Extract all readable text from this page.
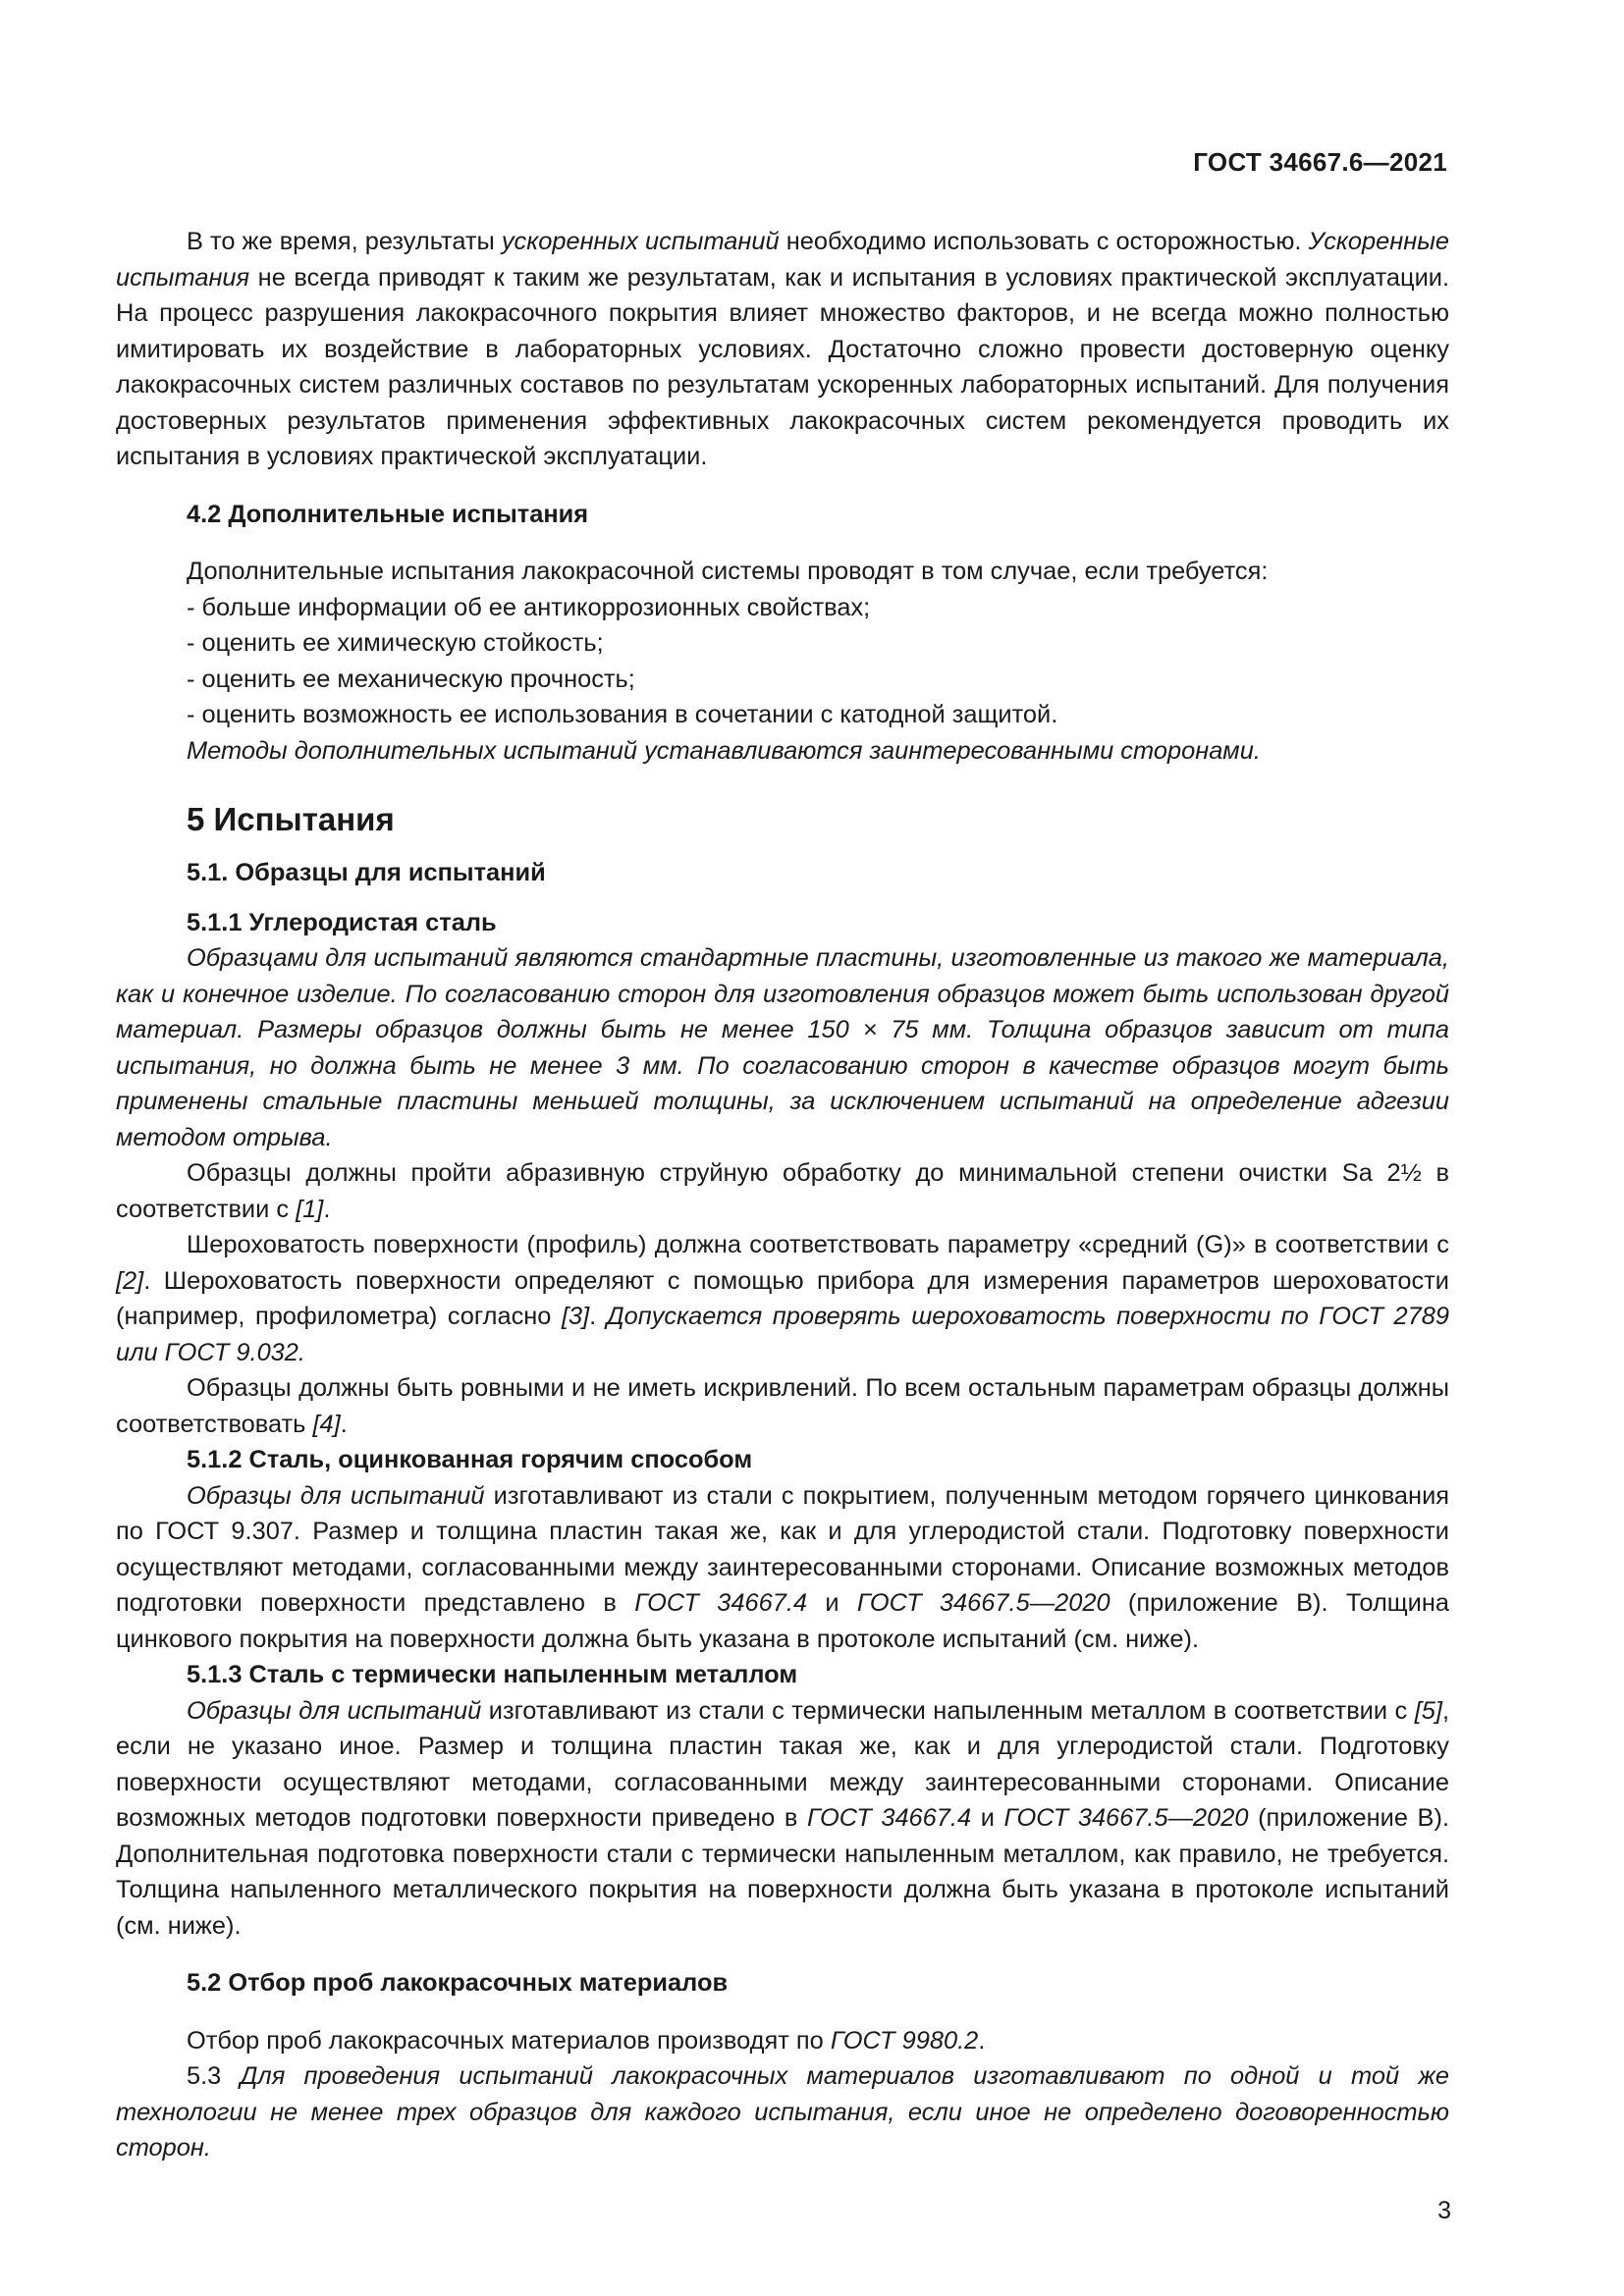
ГОСТ 34667.6—2021

В то же время, результаты ускоренных испытаний необходимо использовать с осторожностью. Ускоренные испытания не всегда приводят к таким же результатам, как и испытания в условиях практической эксплуатации. На процесс разрушения лакокрасочного покрытия влияет множество факторов, и не всегда можно полностью имитировать их воздействие в лабораторных условиях. Достаточно сложно провести достоверную оценку лакокрасочных систем различных составов по результатам ускоренных лабораторных испытаний. Для получения достоверных результатов применения эффективных лакокрасочных систем рекомендуется проводить их испытания в условиях практической эксплуатации.

4.2 Дополнительные испытания

Дополнительные испытания лакокрасочной системы проводят в том случае, если требуется:

- больше информации об ее антикоррозионных свойствах;

- оценить ее химическую стойкость;

- оценить ее механическую прочность;

- оценить возможность ее использования в сочетании с катодной защитой.

Методы дополнительных испытаний устанавливаются заинтересованными сторонами.

5 Испытания

5.1. Образцы для испытаний

5.1.1 Углеродистая сталь

Образцами для испытаний являются стандартные пластины, изготовленные из такого же материала, как и конечное изделие. По согласованию сторон для изготовления образцов может быть использован другой материал. Размеры образцов должны быть не менее 150 × 75 мм. Толщина образцов зависит от типа испытания, но должна быть не менее 3 мм. По согласованию сторон в качестве образцов могут быть применены стальные пластины меньшей толщины, за исключением испытаний на определение адгезии методом отрыва.

Образцы должны пройти абразивную струйную обработку до минимальной степени очистки Sa 2½ в соответствии с [1].

Шероховатость поверхности (профиль) должна соответствовать параметру «средний (G)» в соответствии с [2]. Шероховатость поверхности определяют с помощью прибора для измерения параметров шероховатости (например, профилометра) согласно [3]. Допускается проверять шероховатость поверхности по ГОСТ 2789 или ГОСТ 9.032.

Образцы должны быть ровными и не иметь искривлений. По всем остальным параметрам образцы должны соответствовать [4].

5.1.2 Сталь, оцинкованная горячим способом

Образцы для испытаний изготавливают из стали с покрытием, полученным методом горячего цинкования по ГОСТ 9.307. Размер и толщина пластин такая же, как и для углеродистой стали. Подготовку поверхности осуществляют методами, согласованными между заинтересованными сторонами. Описание возможных методов подготовки поверхности представлено в ГОСТ 34667.4 и ГОСТ 34667.5—2020 (приложение В). Толщина цинкового покрытия на поверхности должна быть указана в протоколе испытаний (см. ниже).

5.1.3 Сталь с термически напыленным металлом

Образцы для испытаний изготавливают из стали с термически напыленным металлом в соответствии с [5], если не указано иное. Размер и толщина пластин такая же, как и для углеродистой стали. Подготовку поверхности осуществляют методами, согласованными между заинтересованными сторонами. Описание возможных методов подготовки поверхности приведено в ГОСТ 34667.4 и ГОСТ 34667.5—2020 (приложение В). Дополнительная подготовка поверхности стали с термически напыленным металлом, как правило, не требуется. Толщина напыленного металлического покрытия на поверхности должна быть указана в протоколе испытаний (см. ниже).

5.2 Отбор проб лакокрасочных материалов

Отбор проб лакокрасочных материалов производят по ГОСТ 9980.2.

5.3 Для проведения испытаний лакокрасочных материалов изготавливают по одной и той же технологии не менее трех образцов для каждого испытания, если иное не определено договоренностью сторон.

3
